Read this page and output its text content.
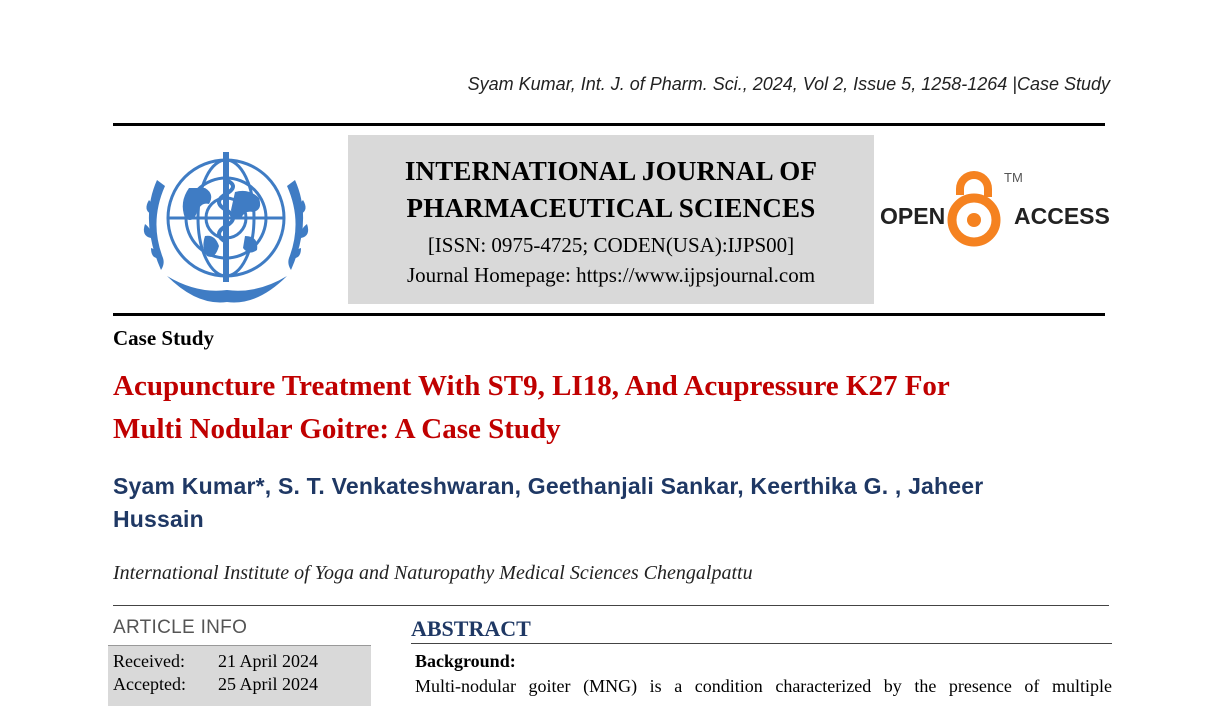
Syam Kumar, Int. J. of Pharm. Sci., 2024, Vol 2, Issue 5, 1258-1264 |Case Study
INTERNATIONAL JOURNAL OF
PHARMACEUTICAL SCIENCES
[ISSN: 0975-4725; CODEN(USA):IJPS00]
Journal Homepage: https://www.ijpsjournal.com
OPEN
TM
ACCESS
Case Study
Acupuncture Treatment With ST9, LI18, And Acupressure K27 For
Multi Nodular Goitre: A Case Study
Syam Kumar*, S. T. Venkateshwaran, Geethanjali Sankar, Keerthika G. , Jaheer
Hussain
International Institute of Yoga and Naturopathy Medical Sciences Chengalpattu
ARTICLE INFO
Received: 21 April 2024
Accepted: 25 April 2024
ABSTRACT
Background:
Multi-nodular goiter (MNG) is a condition characterized by the presence of multiple
